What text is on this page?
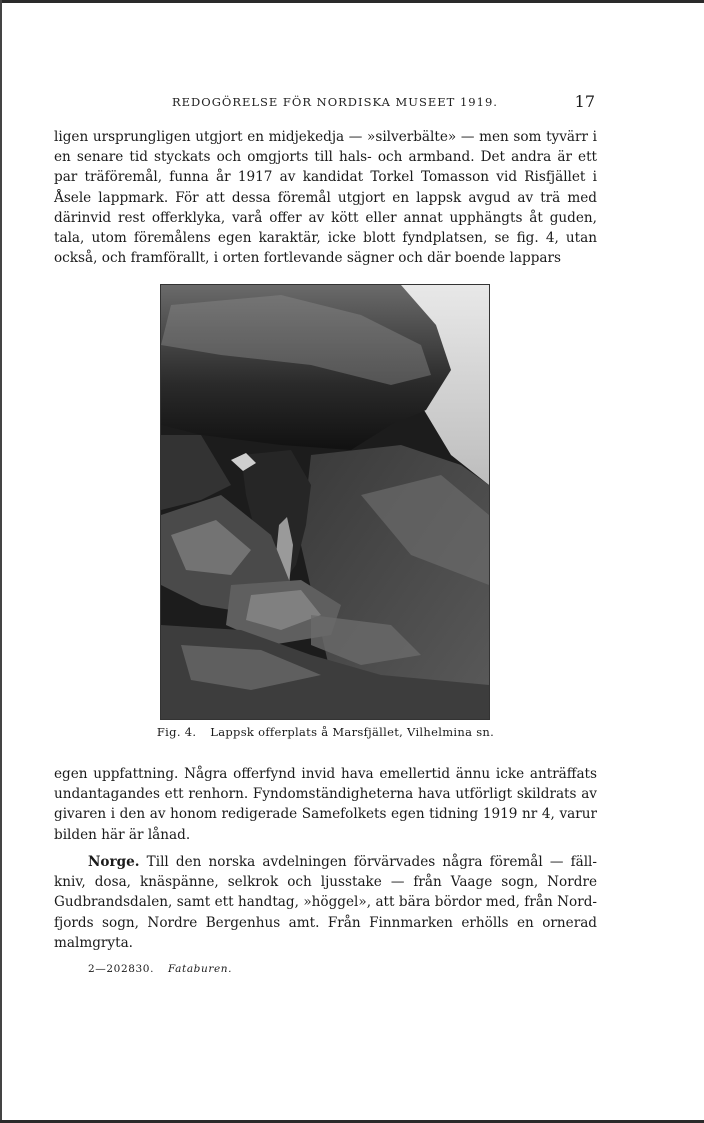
REDOGÖRELSE FÖR NORDISKA MUSEET 1919.	17

ligen ursprungligen utgjort en midjekedja — »silverbälte» — men som tyvärr i en senare tid styckats och omgjorts till hals- och armband. Det andra är ett par träföremål, funna år 1917 av kandidat Torkel Tomasson vid Risfjället i Åsele lappmark. För att dessa föremål utgjort en lappsk avgud av trä med därinvid rest offerklyka, varå offer av kött eller annat upphängts åt guden, tala, utom föremålens egen karaktär, icke blott fyndplatsen, se fig. 4, utan också, och framförallt, i orten fortlevande sägner och där boende lappars

Fig. 4. Lappsk offerplats å Marsfjället, Vilhelmina sn.

egen uppfattning. Några offerfynd invid hava emellertid ännu icke anträffats undantagandes ett renhorn. Fyndomständigheterna hava utförligt skildrats av givaren i den av honom redigerade Samefolkets egen tidning 1919 nr 4, varur bilden här är lånad.

Norge. Till den norska avdelningen förvärvades några föremål — fäll-kniv, dosa, knäspänne, selkrok och ljusstake — från Vaage sogn, Nordre Gudbrandsdalen, samt ett handtag, »höggel», att bära bördor med, från Nord-fjords sogn, Nordre Bergenhus amt. Från Finnmarken erhölls en ornerad malmgryta.

2—202830. Fataburen.
